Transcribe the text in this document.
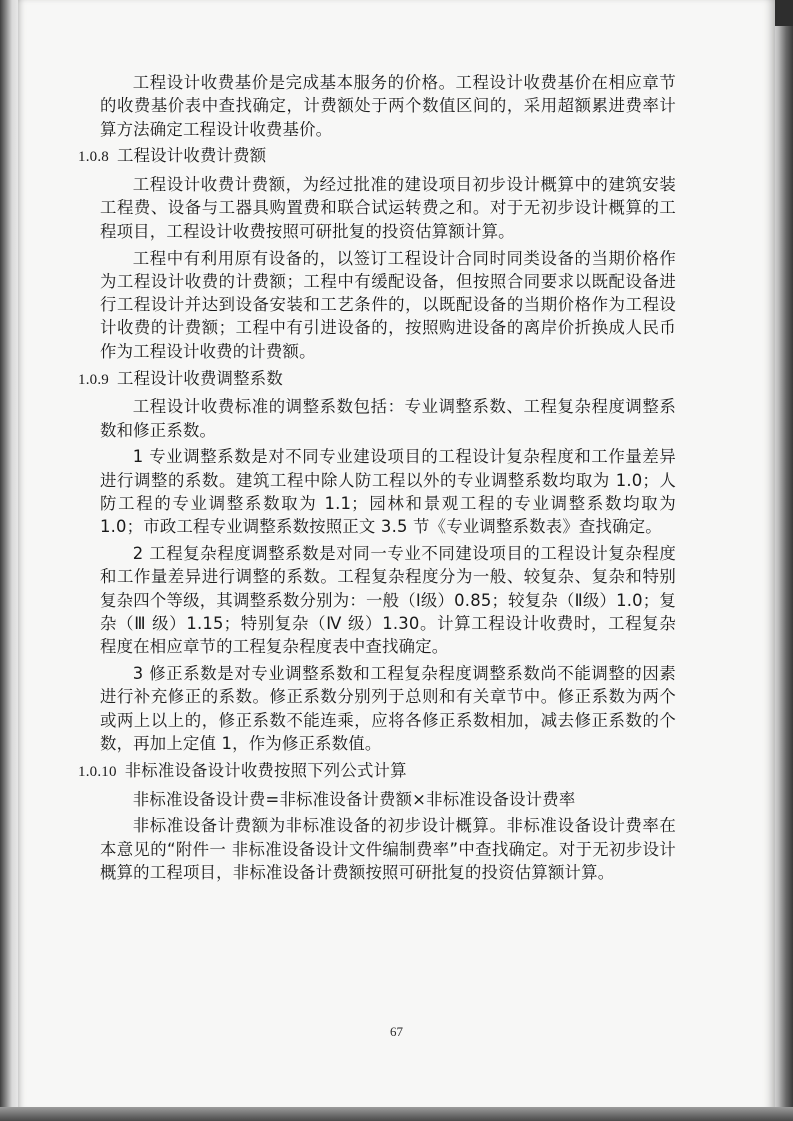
工程设计收费基价是完成基本服务的价格。工程设计收费基价在相应章节的收费基价表中查找确定，计费额处于两个数值区间的，采用超额累进费率计算方法确定工程设计收费基价。

1.0.8 工程设计收费计费额

工程设计收费计费额，为经过批准的建设项目初步设计概算中的建筑安装工程费、设备与工器具购置费和联合试运转费之和。对于无初步设计概算的工程项目，工程设计收费按照可研批复的投资估算额计算。

工程中有利用原有设备的，以签订工程设计合同时同类设备的当期价格作为工程设计收费的计费额；工程中有缓配设备，但按照合同要求以既配设备进行工程设计并达到设备安装和工艺条件的，以既配设备的当期价格作为工程设计收费的计费额；工程中有引进设备的，按照购进设备的离岸价折换成人民币作为工程设计收费的计费额。

1.0.9 工程设计收费调整系数

工程设计收费标准的调整系数包括：专业调整系数、工程复杂程度调整系数和修正系数。

1 专业调整系数是对不同专业建设项目的工程设计复杂程度和工作量差异进行调整的系数。建筑工程中除人防工程以外的专业调整系数均取为 1.0；人防工程的专业调整系数取为 1.1；园林和景观工程的专业调整系数均取为 1.0；市政工程专业调整系数按照正文 3.5 节《专业调整系数表》查找确定。

2 工程复杂程度调整系数是对同一专业不同建设项目的工程设计复杂程度和工作量差异进行调整的系数。工程复杂程度分为一般、较复杂、复杂和特别复杂四个等级，其调整系数分别为：一般（Ⅰ级）0.85；较复杂（Ⅱ级）1.0；复杂（Ⅲ 级）1.15；特别复杂（Ⅳ 级）1.30。计算工程设计收费时，工程复杂程度在相应章节的工程复杂程度表中查找确定。

3 修正系数是对专业调整系数和工程复杂程度调整系数尚不能调整的因素进行补充修正的系数。修正系数分别列于总则和有关章节中。修正系数为两个或两上以上的，修正系数不能连乘，应将各修正系数相加，减去修正系数的个数，再加上定值 1，作为修正系数值。

1.0.10 非标准设备设计收费按照下列公式计算

非标准设备设计费=非标准设备计费额×非标准设备设计费率

非标准设备计费额为非标准设备的初步设计概算。非标准设备设计费率在本意见的“附件一 非标准设备设计文件编制费率”中查找确定。对于无初步设计概算的工程项目，非标准设备计费额按照可研批复的投资估算额计算。

67
